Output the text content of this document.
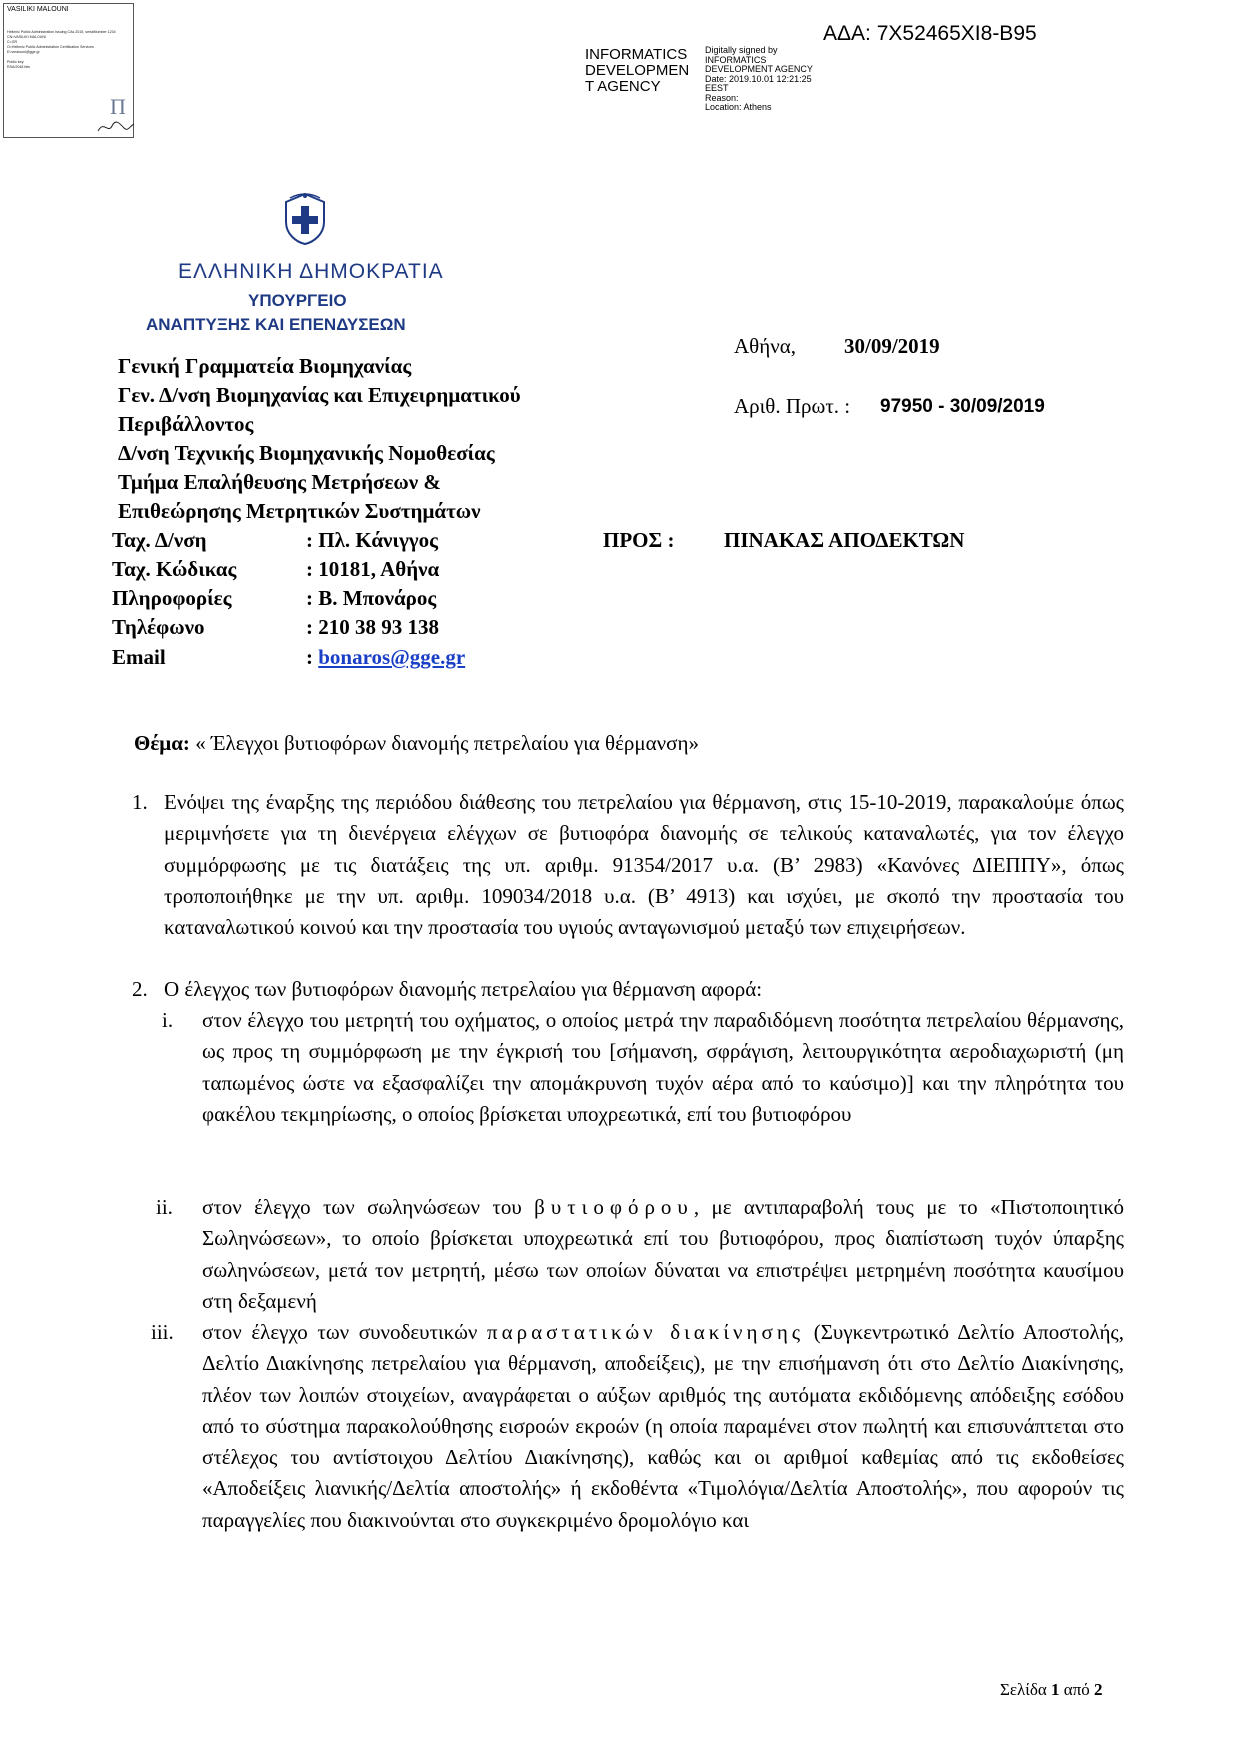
VASILIKI MALOUNI
Hellenic Public Administration Issuing CAs 2015, serialNumber 1234
CN=VASILIKI MALOUNI
C=GR
O=Hellenic Public Administration Certification Services
E=vmalouni@gge.gr

Public key:
RSA/2048 bits
Π
INFORMATICS DEVELOPMEN T AGENCY
Digitally signed by
INFORMATICS
DEVELOPMENT AGENCY
Date: 2019.10.01 12:21:25
EEST
Reason:
Location: Athens
ΑΔΑ: 7Χ52465ΧΙ8-Β95
ΕΛΛΗΝΙΚΗ ΔΗΜΟΚΡΑΤΙΑ
ΥΠΟΥΡΓΕΙΟ
ΑΝΑΠΤΥΞΗΣ ΚΑΙ ΕΠΕΝΔΥΣΕΩΝ
Γενική Γραμματεία Βιομηχανίας
Γεν. Δ/νση Βιομηχανίας και Επιχειρηματικού
Περιβάλλοντος
Δ/νση Τεχνικής Βιομηχανικής Νομοθεσίας
Τμήμα Επαλήθευσης Μετρήσεων &
Επιθεώρησης Μετρητικών Συστημάτων
Αθήνα, 30/09/2019
Αριθ. Πρωτ. : 97950 - 30/09/2019
Ταχ. Δ/νση	: Πλ. Κάνιγγος
Ταχ. Κώδικας	: 10181, Αθήνα
Πληροφορίες	: Β. Μπονάρος
Τηλέφωνο	: 210 38 93 138
Email	: bonaros@gge.gr
ΠΡΟΣ : ΠΙΝΑΚΑΣ ΑΠΟΔΕΚΤΩΝ
Θέμα: « Έλεγχοι βυτιοφόρων διανομής πετρελαίου για θέρμανση»
1. Ενόψει της έναρξης της περιόδου διάθεσης του πετρελαίου για θέρμανση, στις 15-10-2019, παρακαλούμε όπως μεριμνήσετε για τη διενέργεια ελέγχων σε βυτιοφόρα διανομής σε τελικούς καταναλωτές, για τον έλεγχο συμμόρφωσης με τις διατάξεις της υπ. αριθμ. 91354/2017 υ.α. (Β’ 2983) «Κανόνες ΔΙΕΠΠΥ», όπως τροποποιήθηκε με την υπ. αριθμ. 109034/2018 υ.α. (Β’ 4913) και ισχύει, με σκοπό την προστασία του καταναλωτικού κοινού και την προστασία του υγιούς ανταγωνισμού μεταξύ των επιχειρήσεων.
2. Ο έλεγχος των βυτιοφόρων διανομής πετρελαίου για θέρμανση αφορά:
i. στον έλεγχο του μετρητή του οχήματος, ο οποίος μετρά την παραδιδόμενη ποσότητα πετρελαίου θέρμανσης, ως προς τη συμμόρφωση με την έγκρισή του [σήμανση, σφράγιση, λειτουργικότητα αεροδιαχωριστή (μη ταπωμένος ώστε να εξασφαλίζει την απομάκρυνση τυχόν αέρα από το καύσιμο)] και την πληρότητα του φακέλου τεκμηρίωσης, ο οποίος βρίσκεται υποχρεωτικά, επί του βυτιοφόρου
ii. στον έλεγχο των σωληνώσεων του βυτιοφόρου, με αντιπαραβολή τους με το «Πιστοποιητικό Σωληνώσεων», το οποίο βρίσκεται υποχρεωτικά επί του βυτιοφόρου, προς διαπίστωση τυχόν ύπαρξης σωληνώσεων, μετά τον μετρητή, μέσω των οποίων δύναται να επιστρέψει μετρημένη ποσότητα καυσίμου στη δεξαμενή
iii. στον έλεγχο των συνοδευτικών παραστατικών διακίνησης (Συγκεντρωτικό Δελτίο Αποστολής, Δελτίο Διακίνησης πετρελαίου για θέρμανση, αποδείξεις), με την επισήμανση ότι στο Δελτίο Διακίνησης, πλέον των λοιπών στοιχείων, αναγράφεται ο αύξων αριθμός της αυτόματα εκδιδόμενης απόδειξης εσόδου από το σύστημα παρακολούθησης εισροών εκροών (η οποία παραμένει στον πωλητή και επισυνάπτεται στο στέλεχος του αντίστοιχου Δελτίου Διακίνησης), καθώς και οι αριθμοί καθεμίας από τις εκδοθείσες «Αποδείξεις λιανικής/Δελτία αποστολής» ή εκδοθέντα «Τιμολόγια/Δελτία Αποστολής», που αφορούν τις παραγγελίες που διακινούνται στο συγκεκριμένο δρομολόγιο και
Σελίδα 1 από 2
